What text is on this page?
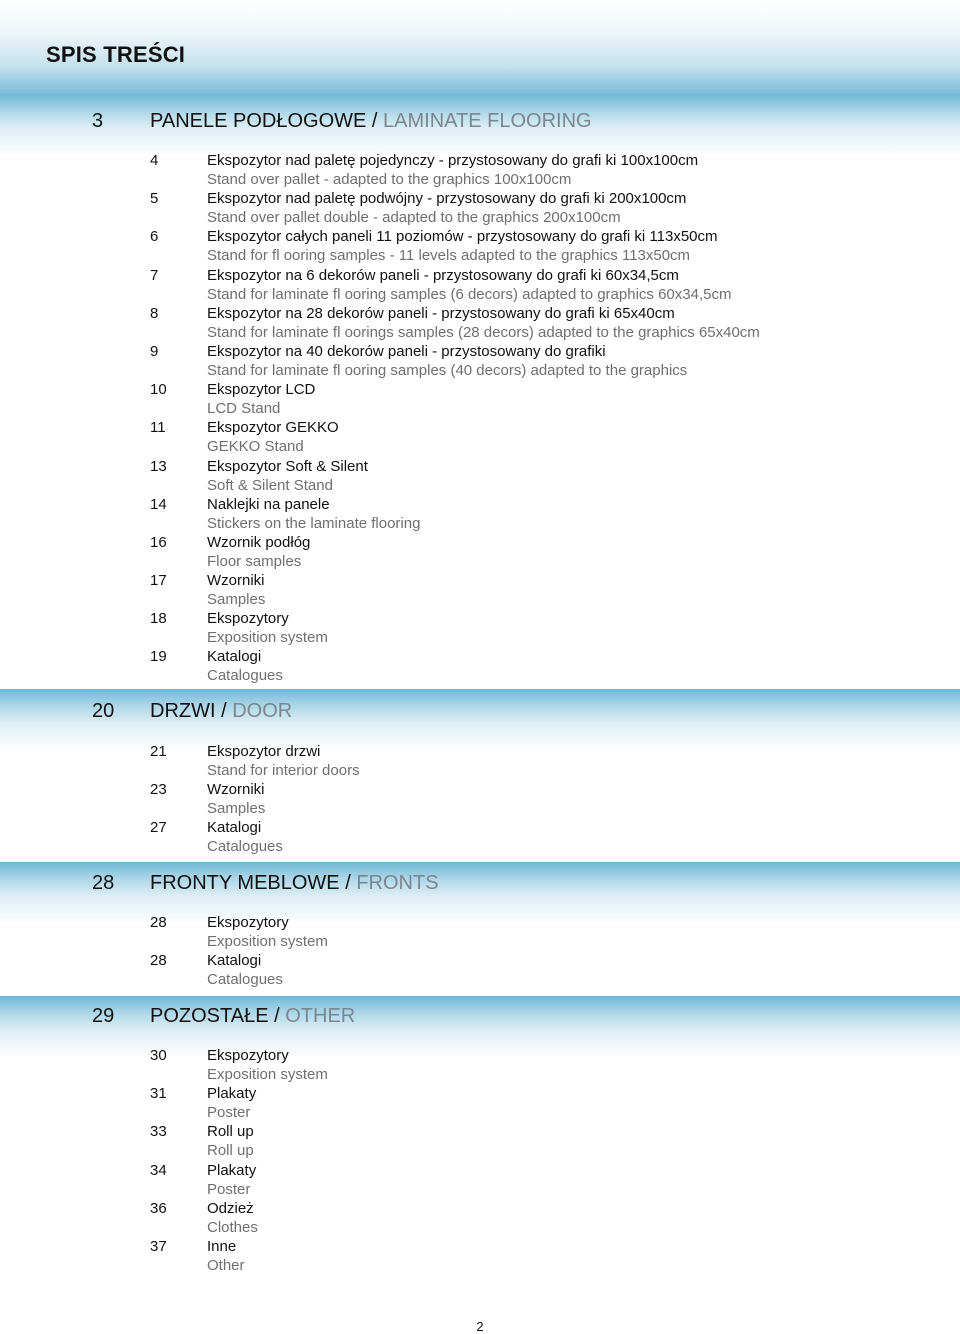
SPIS TREŚCI
3 PANELE PODŁOGOWE / LAMINATE FLOORING
4	Ekspozytor nad paletę pojedynczy - przystosowany do grafi ki 100x100cm
Stand over pallet - adapted to the graphics 100x100cm
5	Ekspozytor nad paletę podwójny - przystosowany do grafi ki 200x100cm
Stand over pallet double - adapted to the graphics 200x100cm
6	Ekspozytor całych paneli 11 poziomów - przystosowany do grafi ki 113x50cm
Stand for fl ooring samples - 11 levels adapted to the graphics 113x50cm
7	Ekspozytor na 6 dekorów paneli - przystosowany do grafi ki 60x34,5cm
Stand for laminate fl ooring samples (6 decors) adapted to graphics 60x34,5cm
8	Ekspozytor na 28 dekorów paneli - przystosowany do grafi ki 65x40cm
Stand for laminate fl oorings samples (28 decors) adapted to the graphics 65x40cm
9	Ekspozytor na 40 dekorów paneli - przystosowany do grafiki
Stand for laminate fl ooring samples (40 decors) adapted to the graphics
10	Ekspozytor LCD
LCD Stand
11	Ekspozytor GEKKO
GEKKO Stand
13	Ekspozytor Soft & Silent
Soft & Silent Stand
14	Naklejki na panele
Stickers on the laminate flooring
16	Wzornik podłóg
Floor samples
17	Wzorniki
Samples
18	Ekspozytory
Exposition system
19	Katalogi
Catalogues
20 DRZWI / DOOR
21	Ekspozytor drzwi
Stand for interior doors
23	Wzorniki
Samples
27	Katalogi
Catalogues
28 FRONTY MEBLOWE / FRONTS
28	Ekspozytory
Exposition system
28	Katalogi
Catalogues
29 POZOSTAŁE / OTHER
30	Ekspozytory
Exposition system
31	Plakaty
Poster
33	Roll up
Roll up
34	Plakaty
Poster
36	Odzież
Clothes
37	Inne
Other
2
